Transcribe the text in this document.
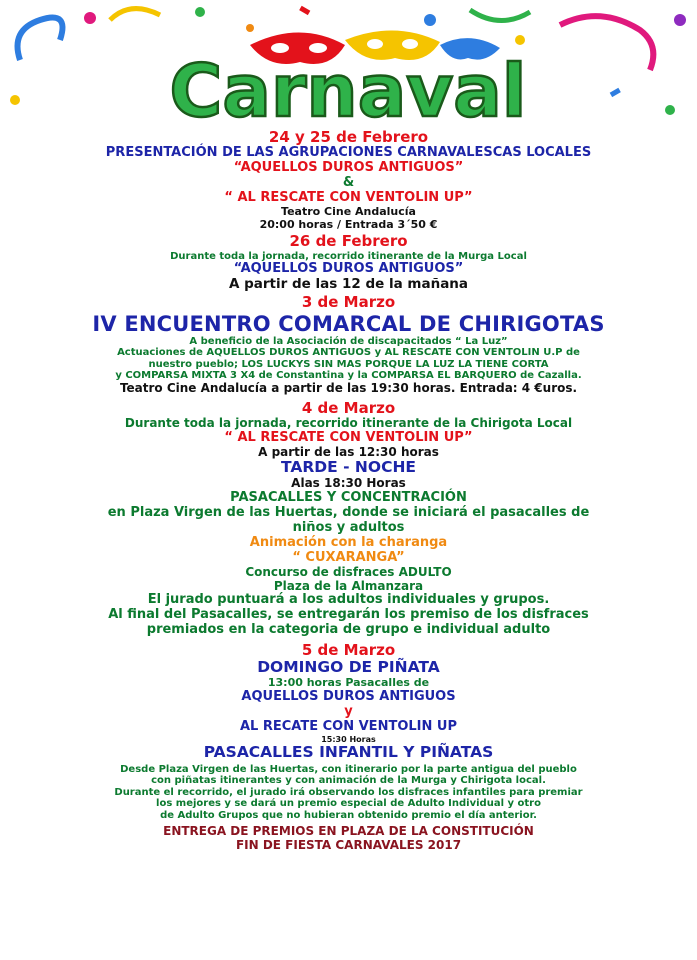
Carnaval
24 y 25 de Febrero
PRESENTACIÓN DE LAS AGRUPACIONES CARNAVALESCAS LOCALES
“AQUELLOS DUROS ANTIGUOS”
&
“ AL RESCATE CON VENTOLIN UP”
Teatro Cine Andalucía
20:00 horas / Entrada 3´50 €
26 de Febrero
Durante toda la jornada, recorrido itinerante de la Murga Local
“AQUELLOS DUROS ANTIGUOS”
A partir de las 12 de la mañana
3 de Marzo
IV ENCUENTRO COMARCAL DE CHIRIGOTAS
A beneficio de la Asociación de discapacitados “ La Luz”
Actuaciones de AQUELLOS DUROS ANTIGUOS y AL RESCATE CON VENTOLIN U.P de
nuestro pueblo; LOS LUCKYS SIN MAS PORQUE LA LUZ LA TIENE CORTA
y COMPARSA MIXTA 3 X4 de Constantina y la COMPARSA EL BARQUERO de Cazalla.
Teatro Cine Andalucía a partir de las 19:30 horas. Entrada: 4 €uros.
4 de Marzo
Durante toda la jornada, recorrido itinerante de la Chirigota Local
“ AL RESCATE CON VENTOLIN UP”
A partir de las 12:30 horas
TARDE - NOCHE
Alas 18:30 Horas
PASACALLES Y CONCENTRACIÓN
en Plaza Virgen de las Huertas, donde se iniciará el pasacalles de
niños y adultos
Animación con la charanga
“ CUXARANGA”
Concurso de disfraces ADULTO
Plaza de la Almanzara
El jurado puntuará a los adultos individuales y grupos.
Al final del Pasacalles, se entregarán los premiso de los disfraces
premiados en la categoria de grupo e individual adulto
5 de Marzo
DOMINGO DE PIÑATA
13:00 horas Pasacalles de
AQUELLOS DUROS ANTIGUOS
y
AL RECATE CON VENTOLIN UP
15:30 Horas
PASACALLES INFANTIL Y PIÑATAS
Desde Plaza Virgen de las Huertas, con itinerario por la parte antigua del pueblo
con piñatas itinerantes y con animación de la Murga y Chirigota local.
Durante el recorrido, el jurado irá observando los disfraces infantiles para premiar
los mejores y se dará un premio especial de Adulto Individual y otro
de Adulto Grupos que no hubieran obtenido premio el día anterior.
ENTREGA DE PREMIOS EN PLAZA DE LA CONSTITUCIÓN
FIN DE FIESTA CARNAVALES 2017
